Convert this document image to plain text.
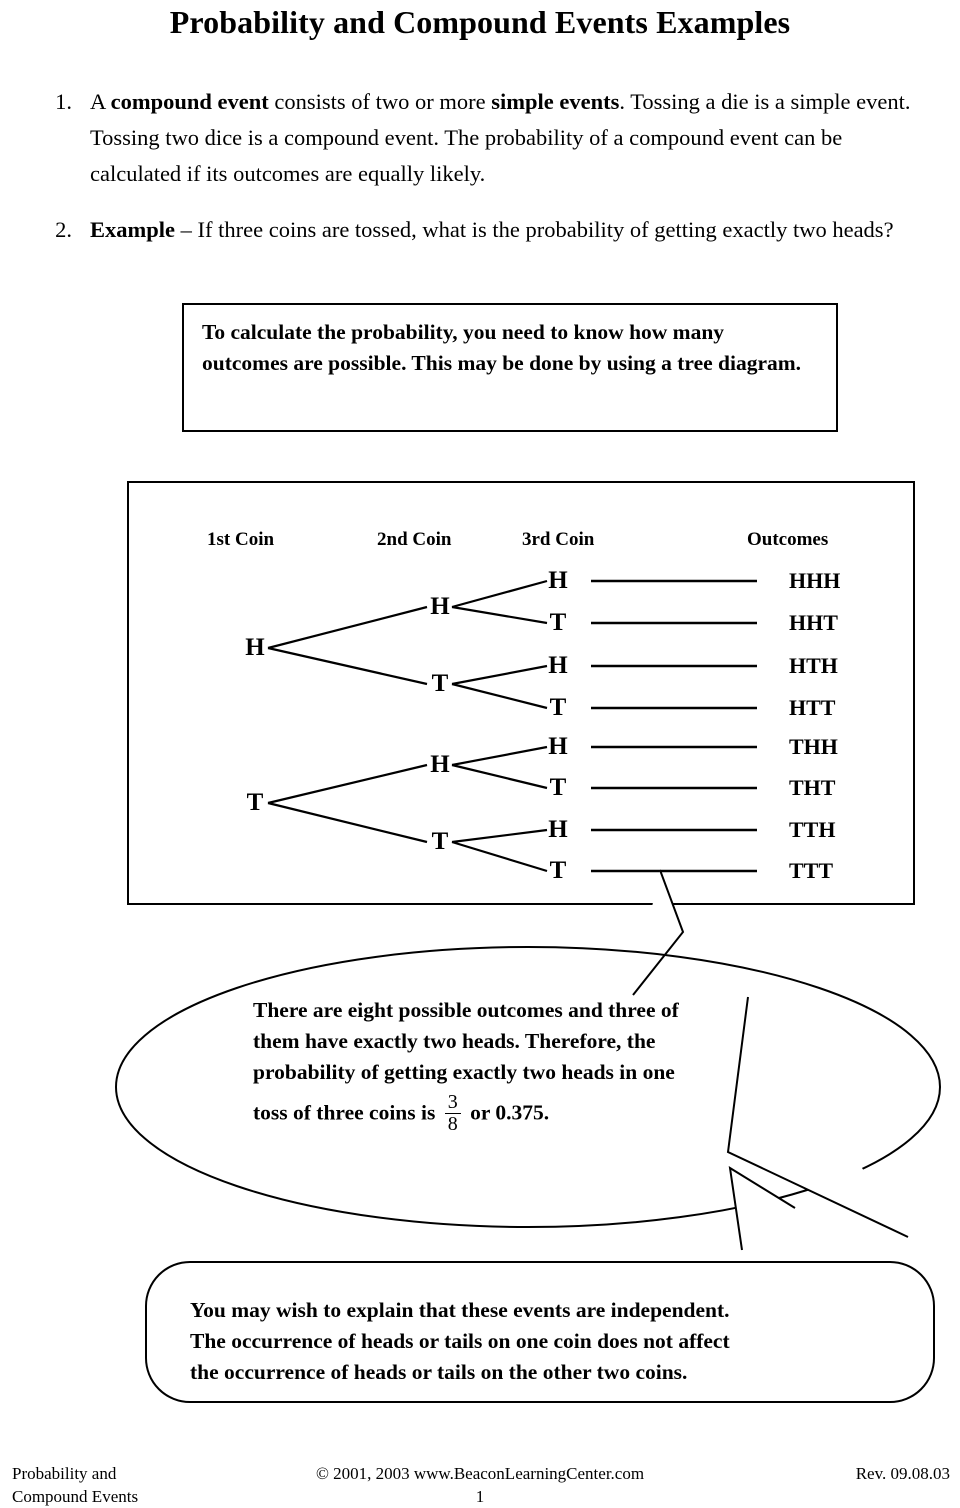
Probability and Compound Events Examples
1. A compound event consists of two or more simple events. Tossing a die is a simple event. Tossing two dice is a compound event. The probability of a compound event can be calculated if its outcomes are equally likely.
2. Example – If three coins are tossed, what is the probability of getting exactly two heads?
To calculate the probability, you need to know how many outcomes are possible. This may be done by using a tree diagram.
1st Coin	2nd Coin	3rd Coin	Outcomes
H
T
H
T
H
T
H
T
H
T
H
T
H
T
HHH
HHT
HTH
HTT
THH
THT
TTH
TTT
There are eight possible outcomes and three of
them have exactly two heads. Therefore, the
probability of getting exactly two heads in one
toss of three coins is $\frac{3}{8}$ or 0.375.
You may wish to explain that these events are independent.
The occurrence of heads or tails on one coin does not affect
the occurrence of heads or tails on the other two coins.
Probability and
Compound Events
© 2001, 2003 www.BeaconLearningCenter.com
1
Rev. 09.08.03
